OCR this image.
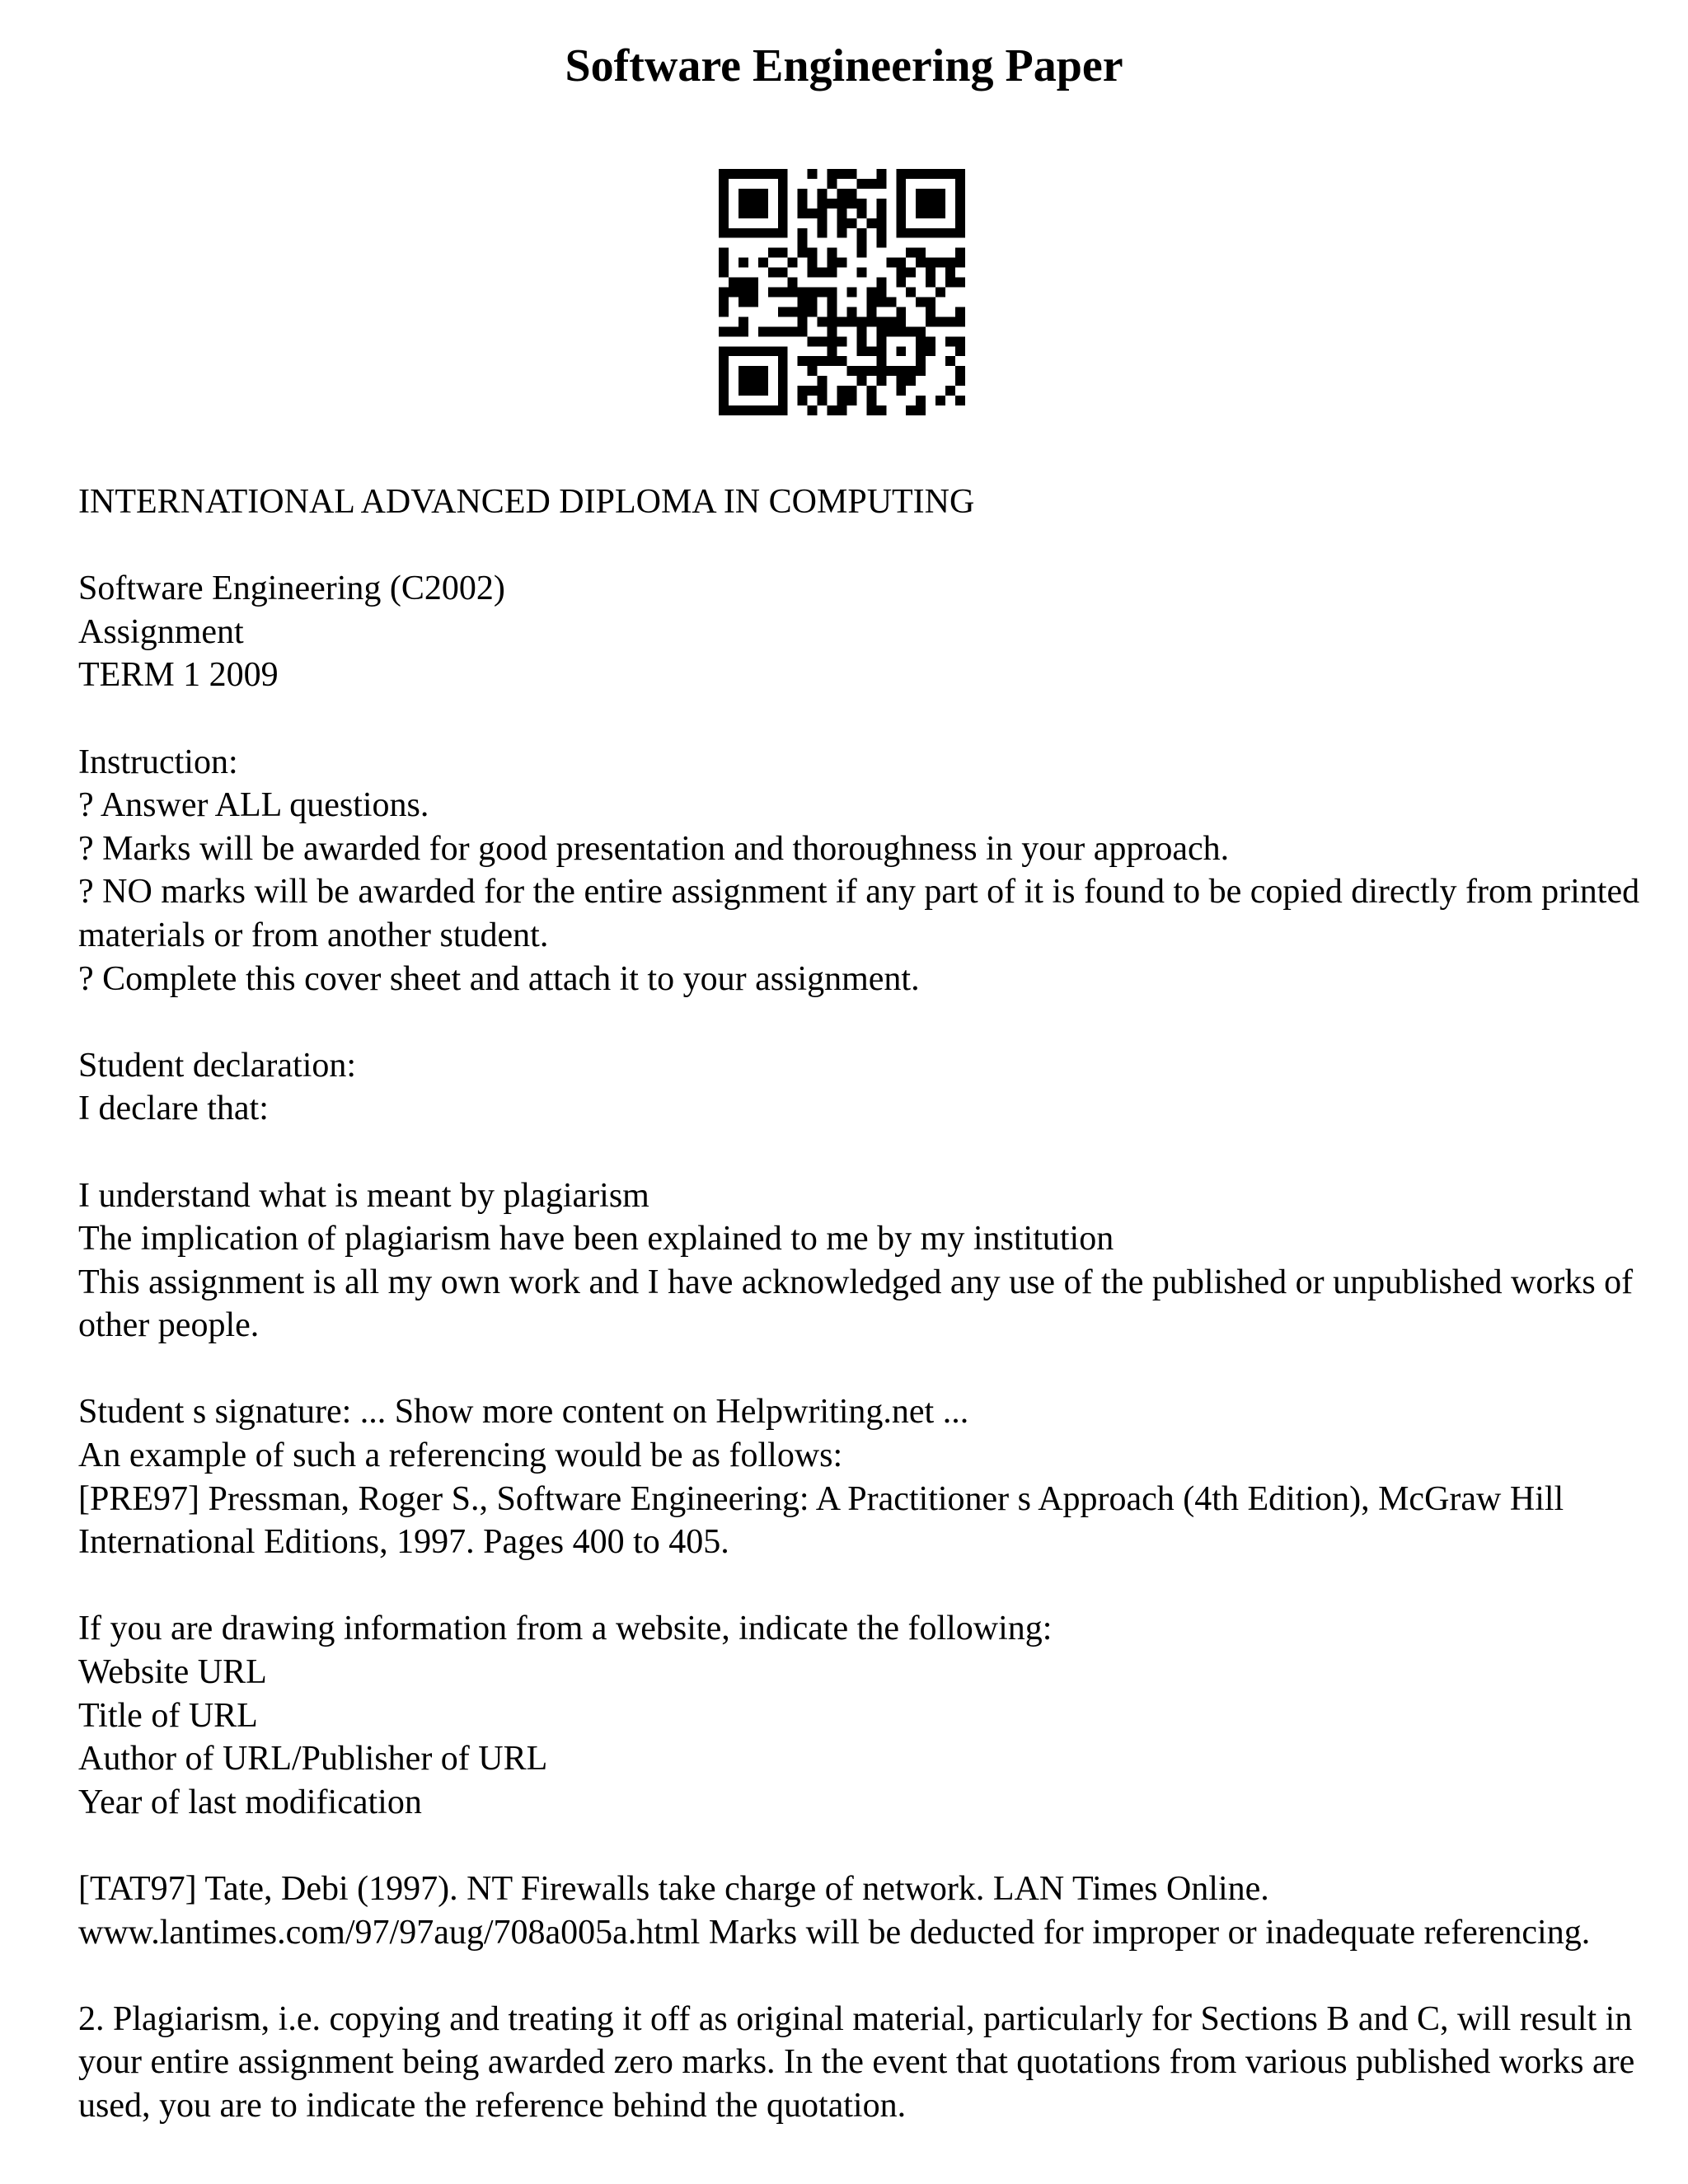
Software Engineering Paper

INTERNATIONAL ADVANCED DIPLOMA IN COMPUTING

Software Engineering (C2002)
Assignment
TERM 1 2009

Instruction:
? Answer ALL questions.
? Marks will be awarded for good presentation and thoroughness in your approach.
? NO marks will be awarded for the entire assignment if any part of it is found to be copied directly from printed materials or from another student.
? Complete this cover sheet and attach it to your assignment.

Student declaration:
I declare that:

I understand what is meant by plagiarism
The implication of plagiarism have been explained to me by my institution
This assignment is all my own work and I have acknowledged any use of the published or unpublished works of other people.

Student s signature: ... Show more content on Helpwriting.net ...
An example of such a referencing would be as follows:
[PRE97] Pressman, Roger S., Software Engineering: A Practitioner s Approach (4th Edition), McGraw Hill International Editions, 1997. Pages 400 to 405.

If you are drawing information from a website, indicate the following:
Website URL
Title of URL
Author of URL/Publisher of URL
Year of last modification

[TAT97] Tate, Debi (1997). NT Firewalls take charge of network. LAN Times Online. www.lantimes.com/97/97aug/708a005a.html Marks will be deducted for improper or inadequate referencing.

2. Plagiarism, i.e. copying and treating it off as original material, particularly for Sections B and C, will result in your entire assignment being awarded zero marks. In the event that quotations from various published works are used, you are to indicate the reference behind the quotation.
